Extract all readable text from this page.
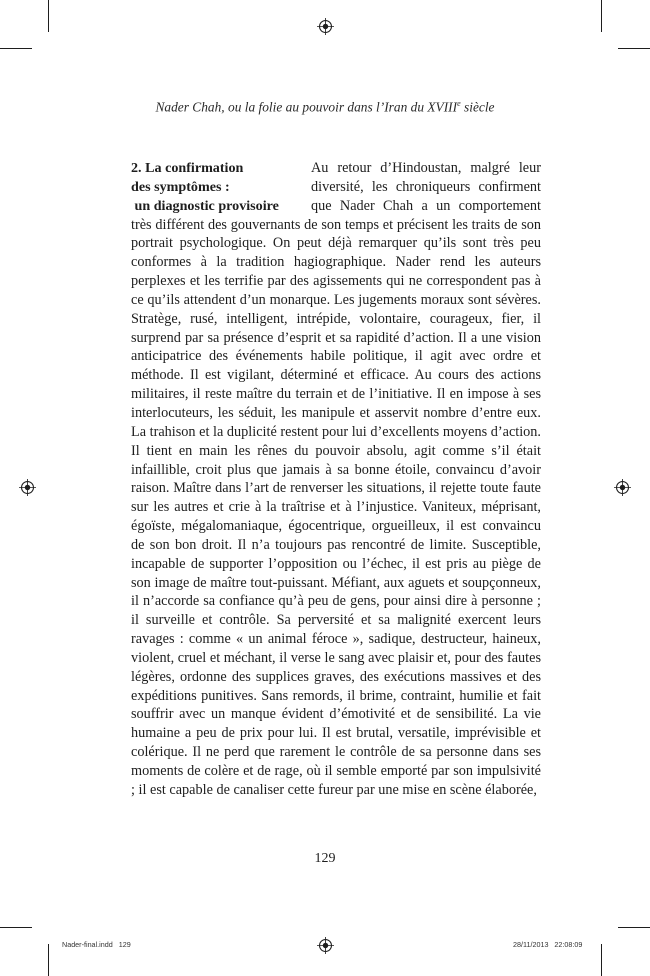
Nader Chah, ou la folie au pouvoir dans l’Iran du XVIIIe siècle
2. La confirmation
des symptômes :
un diagnostic provisoire
Au retour d’Hindoustan, malgré leur diversité, les chroniqueurs confirment que Nader Chah a un comportement très différent des gouvernants de son temps et précisent les traits de son portrait psychologique. On peut déjà remarquer qu’ils sont très peu conformes à la tradition hagiographique. Nader rend les auteurs perplexes et les terrifie par des agissements qui ne correspondent pas à ce qu’ils attendent d’un monarque. Les jugements moraux sont sévères. Stratège, rusé, intelligent, intrépide, volontaire, courageux, fier, il surprend par sa présence d’esprit et sa rapidité d’action. Il a une vision anticipatrice des événements habile politique, il agit avec ordre et méthode. Il est vigilant, déterminé et efficace. Au cours des actions militaires, il reste maître du terrain et de l’initiative. Il en impose à ses interlocuteurs, les séduit, les manipule et asservit nombre d’entre eux. La trahison et la duplicité restent pour lui d’excellents moyens d’action. Il tient en main les rênes du pouvoir absolu, agit comme s’il était infaillible, croit plus que jamais à sa bonne étoile, convaincu d’avoir raison. Maître dans l’art de renverser les situations, il rejette toute faute sur les autres et crie à la traîtrise et à l’injustice. Vaniteux, méprisant, égoïste, mégalomaniaque, égocentrique, orgueilleux, il est convaincu de son bon droit. Il n’a toujours pas rencontré de limite. Susceptible, incapable de supporter l’opposition ou l’échec, il est pris au piège de son image de maître tout-puissant. Méfiant, aux aguets et soupçonneux, il n’accorde sa confiance qu’à peu de gens, pour ainsi dire à personne ; il surveille et contrôle. Sa perversité et sa malignité exercent leurs ravages : comme « un animal féroce », sadique, destructeur, haineux, violent, cruel et méchant, il verse le sang avec plaisir et, pour des fautes légères, ordonne des supplices graves, des exécutions massives et des expéditions punitives. Sans remords, il brime, contraint, humilie et fait souffrir avec un manque évident d’émotivité et de sensibilité. La vie humaine a peu de prix pour lui. Il est brutal, versatile, imprévisible et colérique. Il ne perd que rarement le contrôle de sa personne dans ses moments de colère et de rage, où il semble emporté par son impulsivité ; il est capable de canaliser cette fureur par une mise en scène élaborée,
129
Nader-final.indd   129	28/11/2013   22:08:09
